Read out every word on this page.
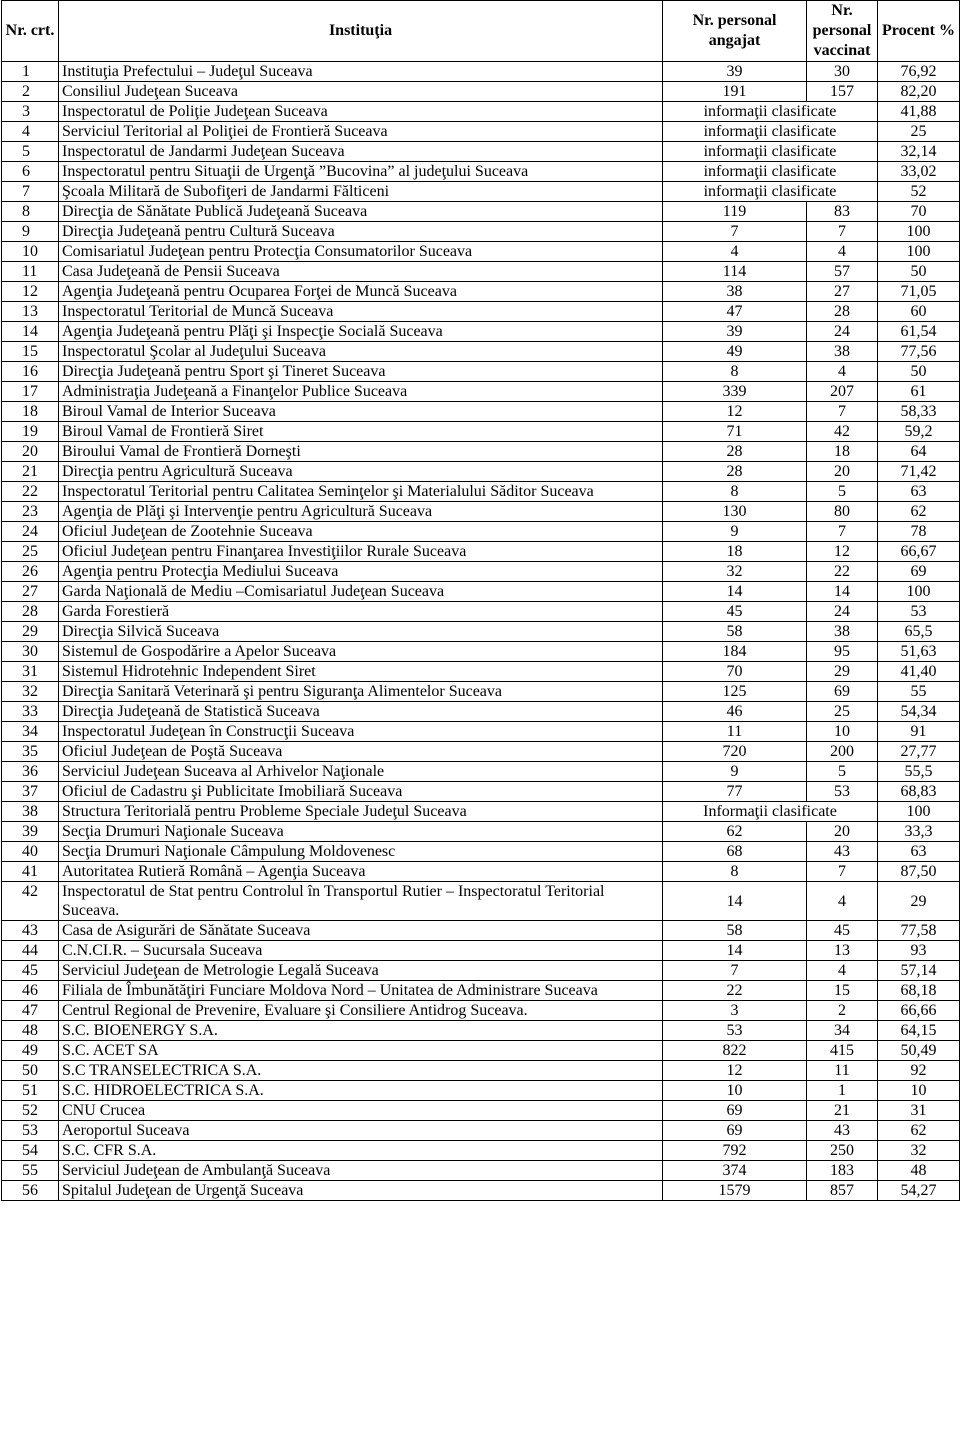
Nr. crt.	Instituţia	Nr. personal angajat	Nr. personal vaccinat	Procent %
1	Instituţia Prefectului – Judeţul Suceava	39	30	76,92
2	Consiliul Judeţean Suceava	191	157	82,20
3	Inspectoratul de Poliţie Judeţean Suceava	informaţii clasificate		41,88
4	Serviciul Teritorial al Poliţiei de Frontieră Suceava	informaţii clasificate		25
5	Inspectoratul de Jandarmi Judeţean Suceava	informaţii clasificate		32,14
6	Inspectoratul pentru Situaţii de Urgenţă ”Bucovina” al judeţului Suceava	informaţii clasificate		33,02
7	Şcoala Militară de Subofiţeri de Jandarmi Fălticeni	informaţii clasificate		52
8	Direcţia de Sănătate Publică Judeţeană Suceava	119	83	70
9	Direcţia Judeţeană pentru Cultură Suceava	7	7	100
10	Comisariatul Judeţean pentru Protecţia Consumatorilor Suceava	4	4	100
11	Casa Judeţeană de Pensii Suceava	114	57	50
12	Agenţia Judeţeană pentru Ocuparea Forţei de Muncă Suceava	38	27	71,05
13	Inspectoratul Teritorial de Muncă Suceava	47	28	60
14	Agenţia Judeţeană pentru Plăţi şi Inspecţie Socială Suceava	39	24	61,54
15	Inspectoratul Şcolar al Judeţului Suceava	49	38	77,56
16	Direcţia Judeţeană pentru Sport şi Tineret Suceava	8	4	50
17	Administraţia Judeţeană a Finanţelor Publice Suceava	339	207	61
18	Biroul Vamal de Interior Suceava	12	7	58,33
19	Biroul Vamal de Frontieră Siret	71	42	59,2
20	Biroului Vamal de Frontieră Dorneşti	28	18	64
21	Direcţia pentru Agricultură Suceava	28	20	71,42
22	Inspectoratul Teritorial pentru Calitatea Seminţelor şi Materialului Săditor Suceava	8	5	63
23	Agenţia de Plăţi şi Intervenţie pentru Agricultură Suceava	130	80	62
24	Oficiul Judeţean de Zootehnie Suceava	9	7	78
25	Oficiul Judeţean pentru Finanţarea Investiţiilor Rurale Suceava	18	12	66,67
26	Agenţia pentru Protecţia Mediului Suceava	32	22	69
27	Garda Naţională de Mediu –Comisariatul Judeţean Suceava	14	14	100
28	Garda Forestieră	45	24	53
29	Direcţia Silvică Suceava	58	38	65,5
30	Sistemul de Gospodărire a Apelor Suceava	184	95	51,63
31	Sistemul Hidrotehnic Independent Siret	70	29	41,40
32	Direcţia Sanitară Veterinară şi pentru Siguranţa Alimentelor Suceava	125	69	55
33	Direcţia Judeţeană de Statistică Suceava	46	25	54,34
34	Inspectoratul Judeţean în Construcţii Suceava	11	10	91
35	Oficiul Judeţean de Poştă Suceava	720	200	27,77
36	Serviciul Judeţean Suceava al Arhivelor Naţionale	9	5	55,5
37	Oficiul de Cadastru şi Publicitate Imobiliară Suceava	77	53	68,83
38	Structura Teritorială pentru Probleme Speciale Judeţul Suceava	Informaţii clasificate		100
39	Secţia Drumuri Naţionale Suceava	62	20	33,3
40	Secţia Drumuri Naţionale Câmpulung Moldovenesc	68	43	63
41	Autoritatea Rutieră Română – Agenţia Suceava	8	7	87,50
42	Inspectoratul de Stat pentru Controlul în Transportul Rutier – Inspectoratul Teritorial Suceava.	14	4	29
43	Casa de Asigurări de Sănătate Suceava	58	45	77,58
44	C.N.CI.R. – Sucursala Suceava	14	13	93
45	Serviciul Judeţean de Metrologie Legală Suceava	7	4	57,14
46	Filiala de Îmbunătăţiri Funciare Moldova Nord – Unitatea de Administrare Suceava	22	15	68,18
47	Centrul Regional de Prevenire, Evaluare şi Consiliere Antidrog Suceava.	3	2	66,66
48	S.C. BIOENERGY S.A.	53	34	64,15
49	S.C. ACET SA	822	415	50,49
50	S.C TRANSELECTRICA S.A.	12	11	92
51	S.C. HIDROELECTRICA S.A.	10	1	10
52	CNU Crucea	69	21	31
53	Aeroportul Suceava	69	43	62
54	S.C. CFR S.A.	792	250	32
55	Serviciul Judeţean de Ambulanţă Suceava	374	183	48
56	Spitalul Judeţean de Urgenţă Suceava	1579	857	54,27
